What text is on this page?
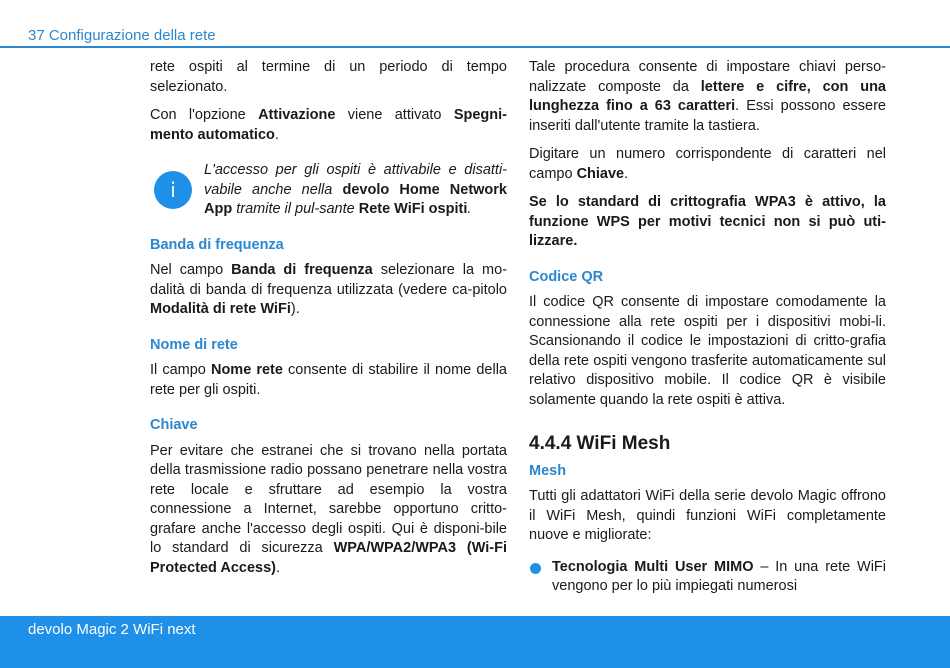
37 Configurazione della rete

rete ospiti al termine di un periodo di tempo selezionato.

Con l'opzione Attivazione viene attivato Spegni-mento automatico.

i
L'accesso per gli ospiti è attivabile e disatti-vabile anche nella devolo Home Network App tramite il pul-sante Rete WiFi ospiti.
Banda di frequenza

Nel campo Banda di frequenza selezionare la mo-dalità di banda di frequenza utilizzata (vedere ca-pitolo Modalità di rete WiFi).

Nome di rete

Il campo Nome rete consente di stabilire il nome della rete per gli ospiti.

Chiave

Per evitare che estranei che si trovano nella portata della trasmissione radio possano penetrare nella vostra rete locale e sfruttare ad esempio la vostra connessione a Internet, sarebbe opportuno critto-grafare anche l'accesso degli ospiti. Qui è disponi-bile lo standard di sicurezza WPA/WPA2/WPA3 (Wi-Fi Protected Access).

Tale procedura consente di impostare chiavi perso-nalizzate composte da lettere e cifre, con una lunghezza fino a 63 caratteri. Essi possono essere inseriti dall'utente tramite la tastiera.

Digitare un numero corrispondente di caratteri nel campo Chiave.

Se lo standard di crittografia WPA3 è attivo, la funzione WPS per motivi tecnici non si può uti-lizzare.

Codice QR

Il codice QR consente di impostare comodamente la connessione alla rete ospiti per i dispositivi mobi-li. Scansionando il codice le impostazioni di critto-grafia della rete ospiti vengono trasferite automaticamente sul relativo dispositivo mobile. Il codice QR è visibile solamente quando la rete ospiti è attiva.

4.4.4 WiFi Mesh
Mesh

Tutti gli adattatori WiFi della serie devolo Magic offrono il WiFi Mesh, quindi funzioni WiFi completamente nuove e migliorate:

Tecnologia Multi User MIMO – In una rete WiFi vengono per lo più impiegati numerosi
devolo Magic 2 WiFi next
